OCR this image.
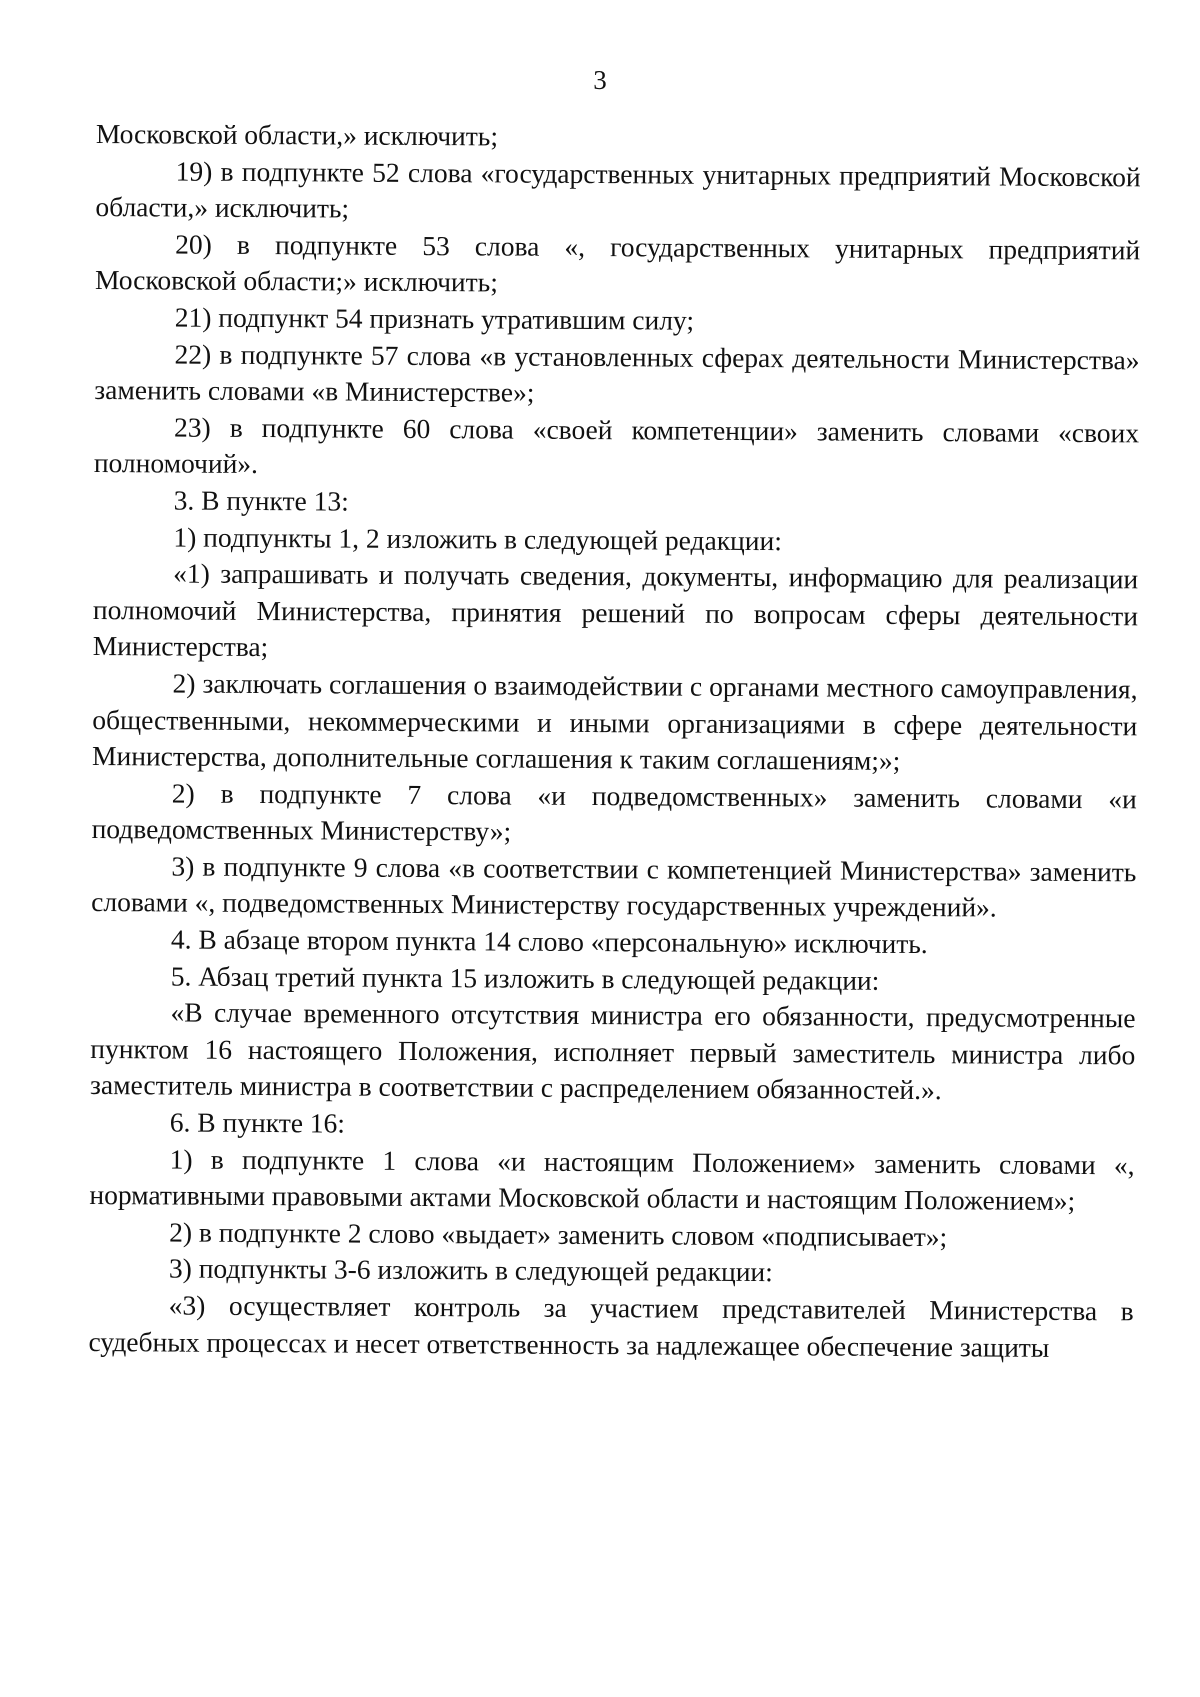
3

Московской области,» исключить;

19) в подпункте 52 слова «государственных унитарных предприятий Московской области,» исключить;

20) в подпункте 53 слова «, государственных унитарных предприятий Московской области;» исключить;

21) подпункт 54 признать утратившим силу;

22) в подпункте 57 слова «в установленных сферах деятельности Министерства» заменить словами «в Министерстве»;

23) в подпункте 60 слова «своей компетенции» заменить словами «своих полномочий».

3. В пункте 13:

1) подпункты 1, 2 изложить в следующей редакции:

«1) запрашивать и получать сведения, документы, информацию для реализации полномочий Министерства, принятия решений по вопросам сферы деятельности Министерства;

2) заключать соглашения о взаимодействии с органами местного самоуправления, общественными, некоммерческими и иными организациями в сфере деятельности Министерства, дополнительные соглашения к таким соглашениям;»;

2) в подпункте 7 слова «и подведомственных» заменить словами «и подведомственных Министерству»;

3) в подпункте 9 слова «в соответствии с компетенцией Министерства» заменить словами «, подведомственных Министерству государственных учреждений».

4. В абзаце втором пункта 14 слово «персональную» исключить.

5. Абзац третий пункта 15 изложить в следующей редакции:

«В случае временного отсутствия министра его обязанности, предусмотренные пунктом 16 настоящего Положения, исполняет первый заместитель министра либо заместитель министра в соответствии с распределением обязанностей.».

6. В пункте 16:

1) в подпункте 1 слова «и настоящим Положением» заменить словами «, нормативными правовыми актами Московской области и настоящим Положением»;

2) в подпункте 2 слово «выдает» заменить словом «подписывает»;

3) подпункты 3-6 изложить в следующей редакции:

«3) осуществляет контроль за участием представителей Министерства в судебных процессах и несет ответственность за надлежащее обеспечение защиты
